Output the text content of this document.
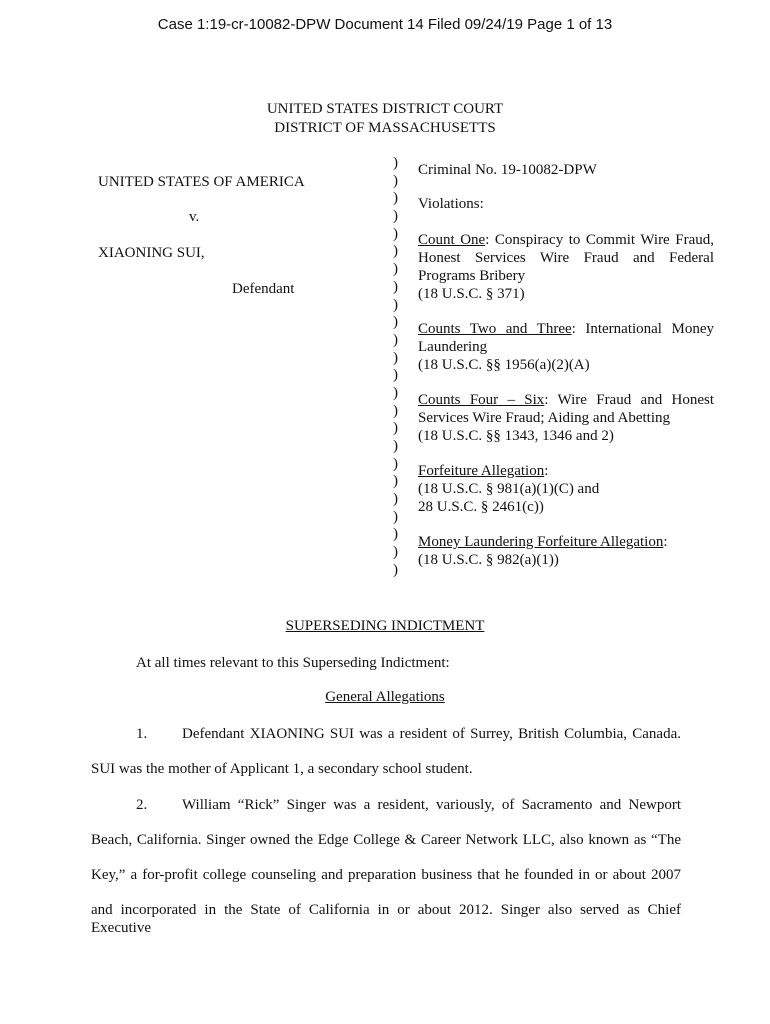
Case 1:19-cr-10082-DPW Document 14 Filed 09/24/19 Page 1 of 13
UNITED STATES DISTRICT COURT
DISTRICT OF MASSACHUSETTS
UNITED STATES OF AMERICA
v.
XIAONING SUI,
Defendant
)
)
)
)
)
)
)
)
)
)
)
)
)
)
)
)
)
)
)
)
)
)
)
)
Criminal No. 19-10082-DPW
Violations:
Count One: Conspiracy to Commit Wire Fraud,
Honest Services Wire Fraud and Federal
Programs Bribery
(18 U.S.C. § 371)
Counts Two and Three: International Money
Laundering
(18 U.S.C. §§ 1956(a)(2)(A)
Counts Four – Six: Wire Fraud and Honest
Services Wire Fraud; Aiding and Abetting
(18 U.S.C. §§ 1343, 1346 and 2)
Forfeiture Allegation:
(18 U.S.C. § 981(a)(1)(C) and
28 U.S.C. § 2461(c))
Money Laundering Forfeiture Allegation:
(18 U.S.C. § 982(a)(1))
SUPERSEDING INDICTMENT
At all times relevant to this Superseding Indictment:
General Allegations
1. Defendant XIAONING SUI was a resident of Surrey, British Columbia, Canada.
SUI was the mother of Applicant 1, a secondary school student.
2. William “Rick” Singer was a resident, variously, of Sacramento and Newport
Beach, California. Singer owned the Edge College & Career Network LLC, also known as “The
Key,” a for-profit college counseling and preparation business that he founded in or about 2007
and incorporated in the State of California in or about 2012. Singer also served as Chief Executive
